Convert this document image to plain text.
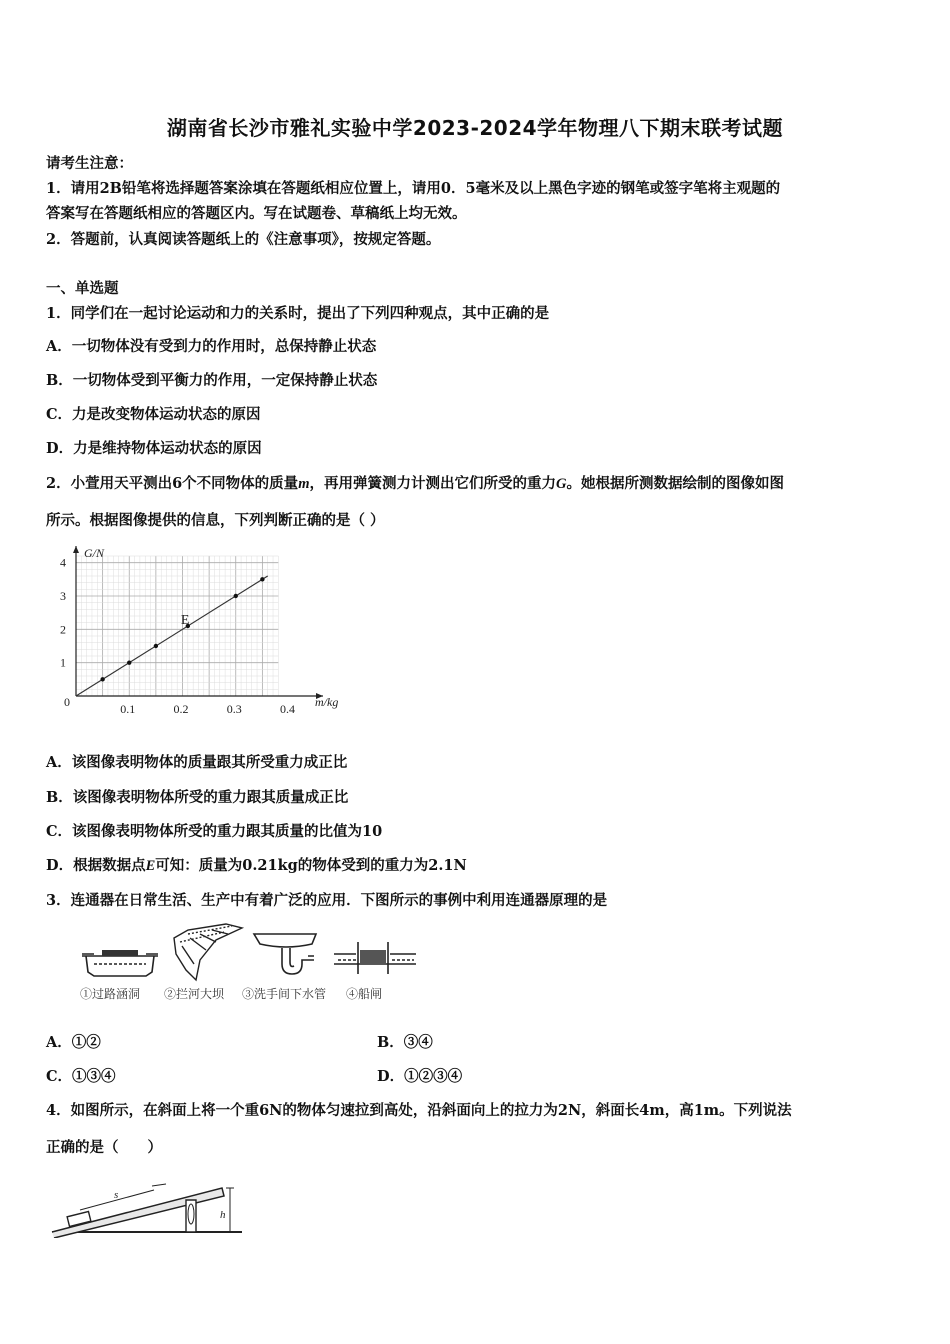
湖南省长沙市雅礼实验中学2023-2024学年物理八下期末联考试题
请考生注意：
1．请用2B铅笔将选择题答案涂填在答题纸相应位置上，请用0．5毫米及以上黑色字迹的钢笔或签字笔将主观题的
答案写在答题纸相应的答题区内。写在试题卷、草稿纸上均无效。
2．答题前，认真阅读答题纸上的《注意事项》，按规定答题。
一、单选题
1．同学们在一起讨论运动和力的关系时，提出了下列四种观点，其中正确的是
A．一切物体没有受到力的作用时，总保持静止状态
B．一切物体受到平衡力的作用，一定保持静止状态
C．力是改变物体运动状态的原因
D．力是维持物体运动状态的原因
2．小萱用天平测出6个不同物体的质量m，再用弹簧测力计测出它们所受的重力G。她根据所测数据绘制的图像如图
所示。根据图像提供的信息，下列判断正确的是（ ）
0	0.1	0.2	0.3	0.4
1
2
3
4
G/N
m/kg
E
A．该图像表明物体的质量跟其所受重力成正比
B．该图像表明物体所受的重力跟其质量成正比
C．该图像表明物体所受的重力跟其质量的比值为10
D．根据数据点E可知：质量为0.21kg的物体受到的重力为2.1N
3．连通器在日常生活、生产中有着广泛的应用．下图所示的事例中利用连通器原理的是
①过路涵洞 ②拦河大坝 ③洗手间下水管 ④船闸
A．①②	B．③④
C．①③④	D．①②③④
4．如图所示，在斜面上将一个重6N的物体匀速拉到高处，沿斜面向上的拉力为2N，斜面长4m，高1m。下列说法
正确的是（　　）
s
h
